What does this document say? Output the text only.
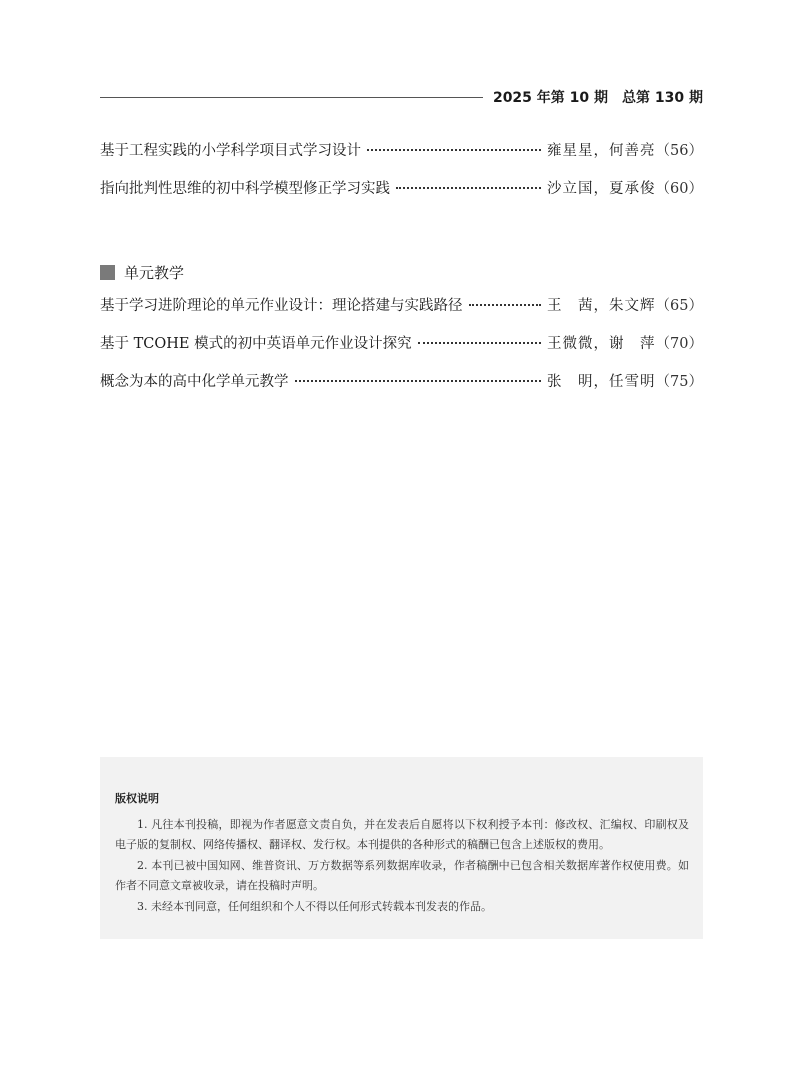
2025 年第 10 期　总第 130 期
基于工程实践的小学科学项目式学习设计	雍星星，何善亮 （56）
指向批判性思维的初中科学模型修正学习实践	沙立国，夏承俊 （60）
单元教学
基于学习进阶理论的单元作业设计：理论搭建与实践路径	王　茜，朱文辉 （65）
基于 TCOHE 模式的初中英语单元作业设计探究	王微微，谢　萍 （70）
概念为本的高中化学单元教学	张　明，任雪明 （75）
版权说明
1. 凡往本刊投稿，即视为作者愿意文责自负，并在发表后自愿将以下权利授予本刊：修改权、汇编权、印刷权及电子版的复制权、网络传播权、翻译权、发行权。本刊提供的各种形式的稿酬已包含上述版权的费用。
2. 本刊已被中国知网、维普资讯、万方数据等系列数据库收录，作者稿酬中已包含相关数据库著作权使用费。如作者不同意文章被收录，请在投稿时声明。
3. 未经本刊同意，任何组织和个人不得以任何形式转载本刊发表的作品。
